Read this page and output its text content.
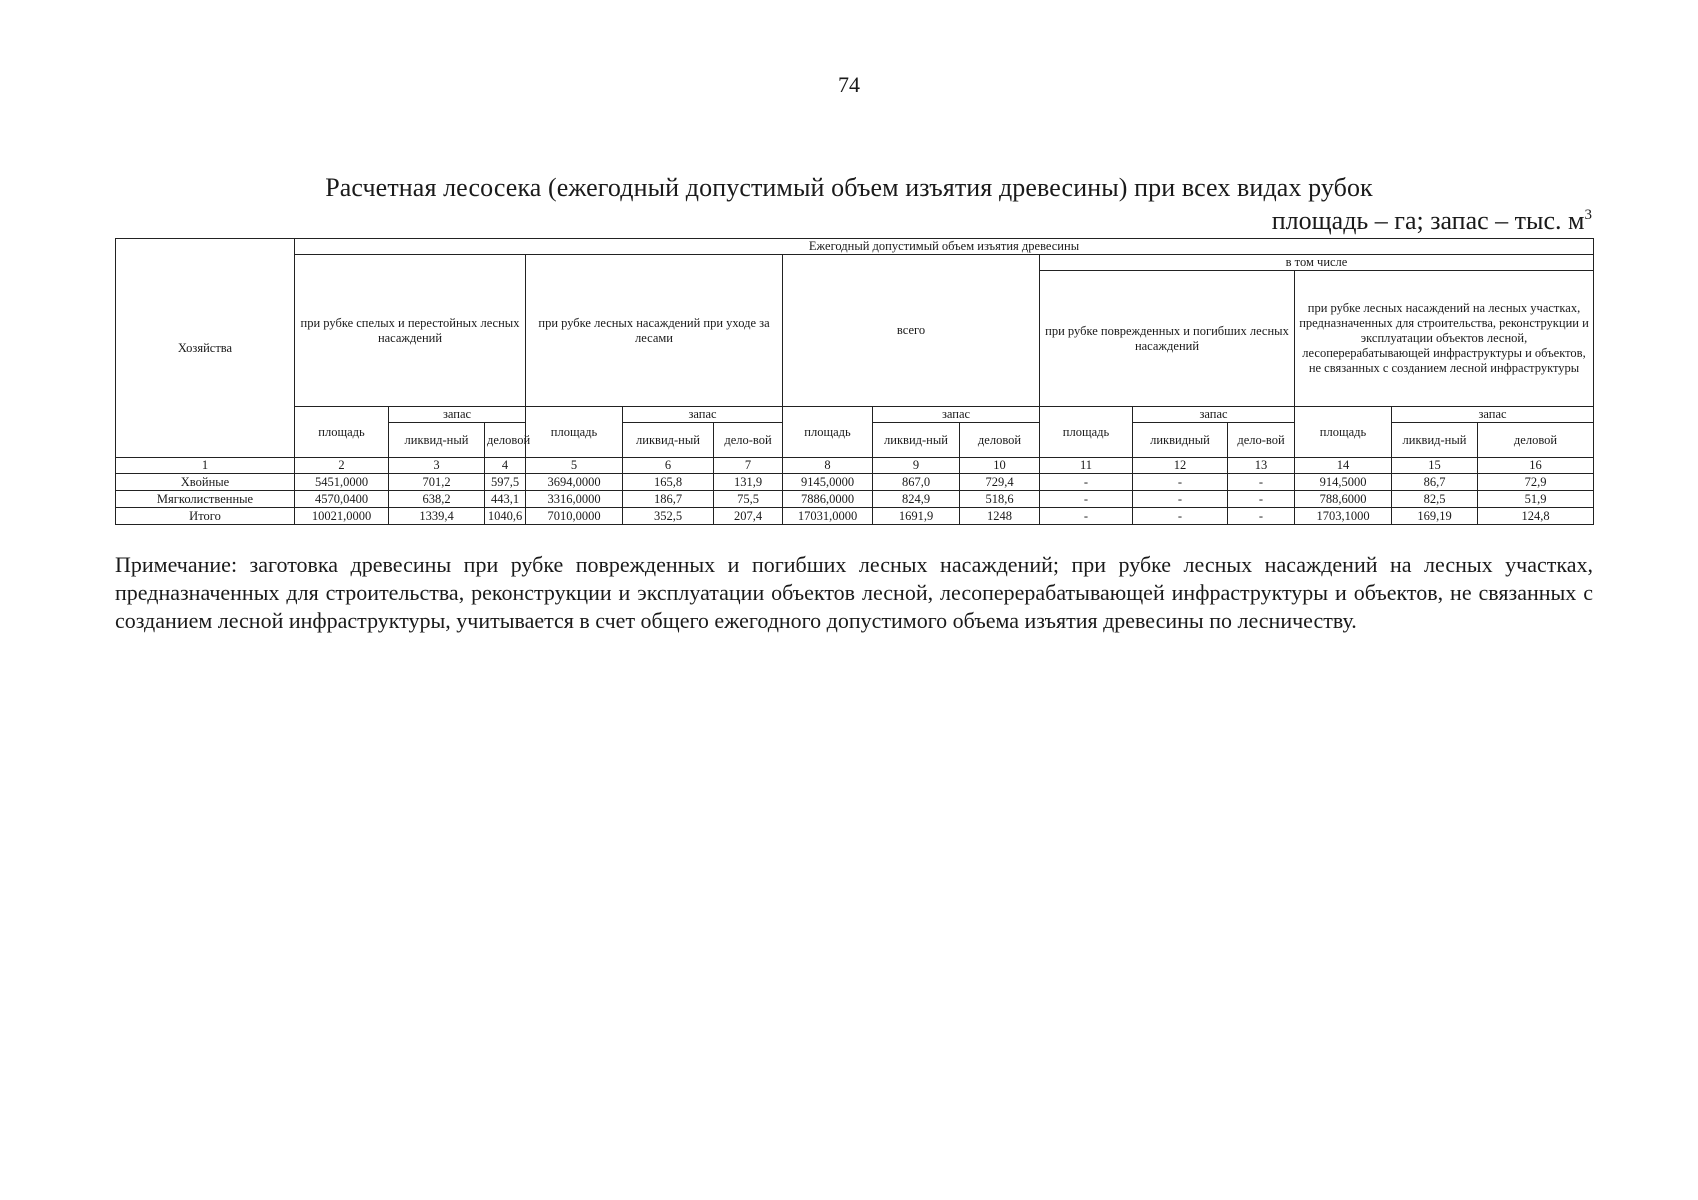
74
Расчетная лесосека (ежегодный допустимый объем изъятия древесины) при всех видах рубок
площадь – га; запас – тыс. $м^3$
Хозяйства	Ежегодный допустимый объем изъятия древесины														
	при рубке спелых и перестойных лесных насаждений			при рубке лесных насаждений при уходе за лесами			всего			в том числе					
										при рубке поврежденных и погибших лесных насаждений			при рубке лесных насаждений на лесных участках, предназначенных для строительства, реконструкции и эксплуатации объектов лесной, лесоперерабатывающей инфраструктуры и объектов, не связанных с созданием лесной инфраструктуры		
	площадь	запас		площадь	запас		площадь	запас		площадь	запас		площадь	запас	
		ликвид-ный	деловой		ликвид-ный	дело-вой		ликвид-ный	деловой		ликвидный	дело-вой		ликвид-ный	деловой
1	2	3	4	5	6	7	8	9	10	11	12	13	14	15	16
Хвойные	5451,0000	701,2	597,5	3694,0000	165,8	131,9	9145,0000	867,0	729,4	-	-	-	914,5000	86,7	72,9
Мягколиственные	4570,0400	638,2	443,1	3316,0000	186,7	75,5	7886,0000	824,9	518,6	-	-	-	788,6000	82,5	51,9
Итого	10021,0000	1339,4	1040,6	7010,0000	352,5	207,4	17031,0000	1691,9	1248	-	-	-	1703,1000	169,19	124,8
Примечание: заготовка древесины при рубке поврежденных и погибших лесных насаждений; при рубке лесных насаждений на лесных участках, предназначенных для строительства, реконструкции и эксплуатации объектов лесной, лесоперерабатывающей инфраструктуры и объектов, не связанных с созданием лесной инфраструктуры, учитывается в счет общего ежегодного допустимого объема изъятия древесины по лесничеству.
